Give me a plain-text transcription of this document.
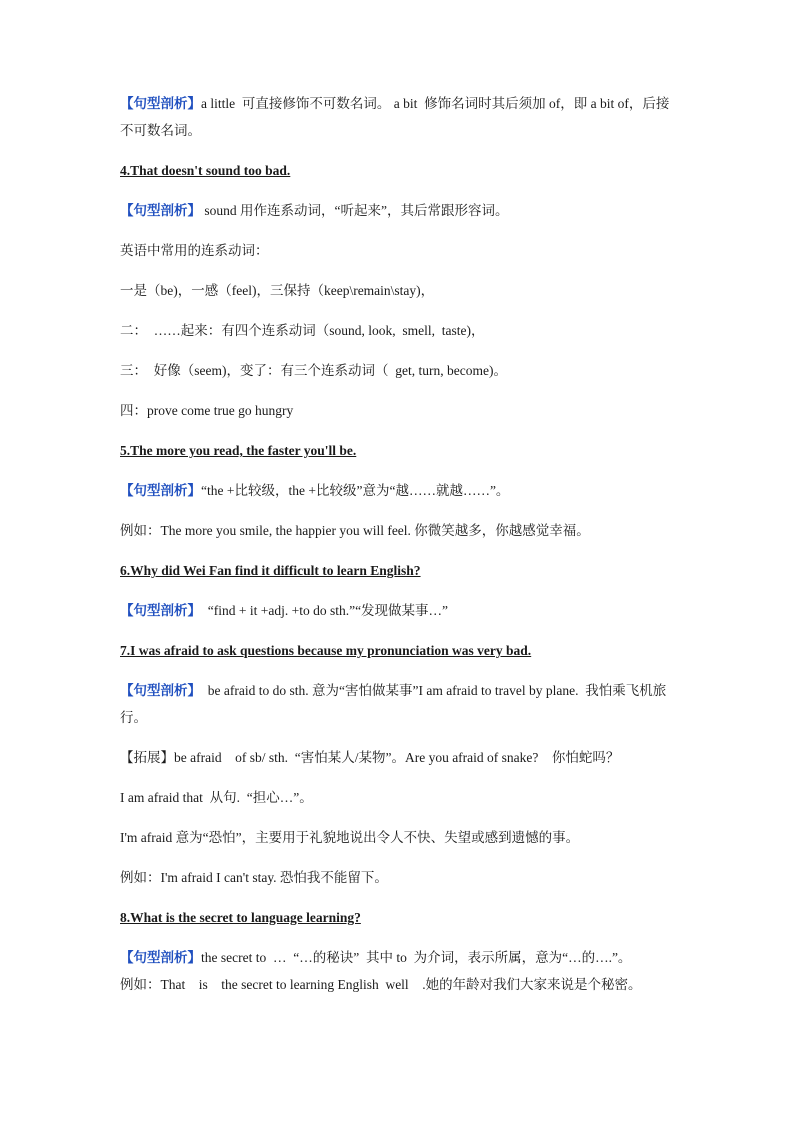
【句型剖析】a little  可直接修饰不可数名词。 a bit  修饰名词时其后须加 of，即 a bit of，后接不可数名词。

4.That doesn't sound too bad.

【句型剖析】 sound 用作连系动词，“听起来”，其后常跟形容词。

英语中常用的连系动词：

一是（be)，一感（feel)，三保持（keep\remain\stay)，

二：  ……起来：有四个连系动词（sound, look,  smell,  taste)，

三：  好像（seem)，变了：有三个连系动词（  get, turn, become)。

四：prove come true go hungry

5.The more you read, the faster you'll be.

【句型剖析】“the +比较级，the +比较级”意为“越……就越……”。

例如：The more you smile, the happier you will feel. 你微笑越多，你越感觉幸福。

6.Why did Wei Fan find it difficult to learn English?

【句型剖析】  “find + it +adj. +to do sth.”“发现做某事…”

7.I was afraid to ask questions because my pronunciation was very bad.

【句型剖析】  be afraid to do sth. 意为“害怕做某事”I am afraid to travel by plane.  我怕乘飞机旅行。

【拓展】be afraid    of sb/ sth.  “害怕某人/某物”。Are you afraid of snake?    你怕蛇吗？

I am afraid that  从句.  “担心…”。

I'm afraid 意为“恐怕”，主要用于礼貌地说出令人不快、失望或感到遗憾的事。

例如：I'm afraid I can't stay. 恐怕我不能留下。

8.What is the secret to language learning?

【句型剖析】the secret to  …  “…的秘诀”  其中 to  为介词，表示所属，意为“…的….”。

例如：That    is    the secret to learning English  well    .她的年龄对我们大家来说是个秘密。
